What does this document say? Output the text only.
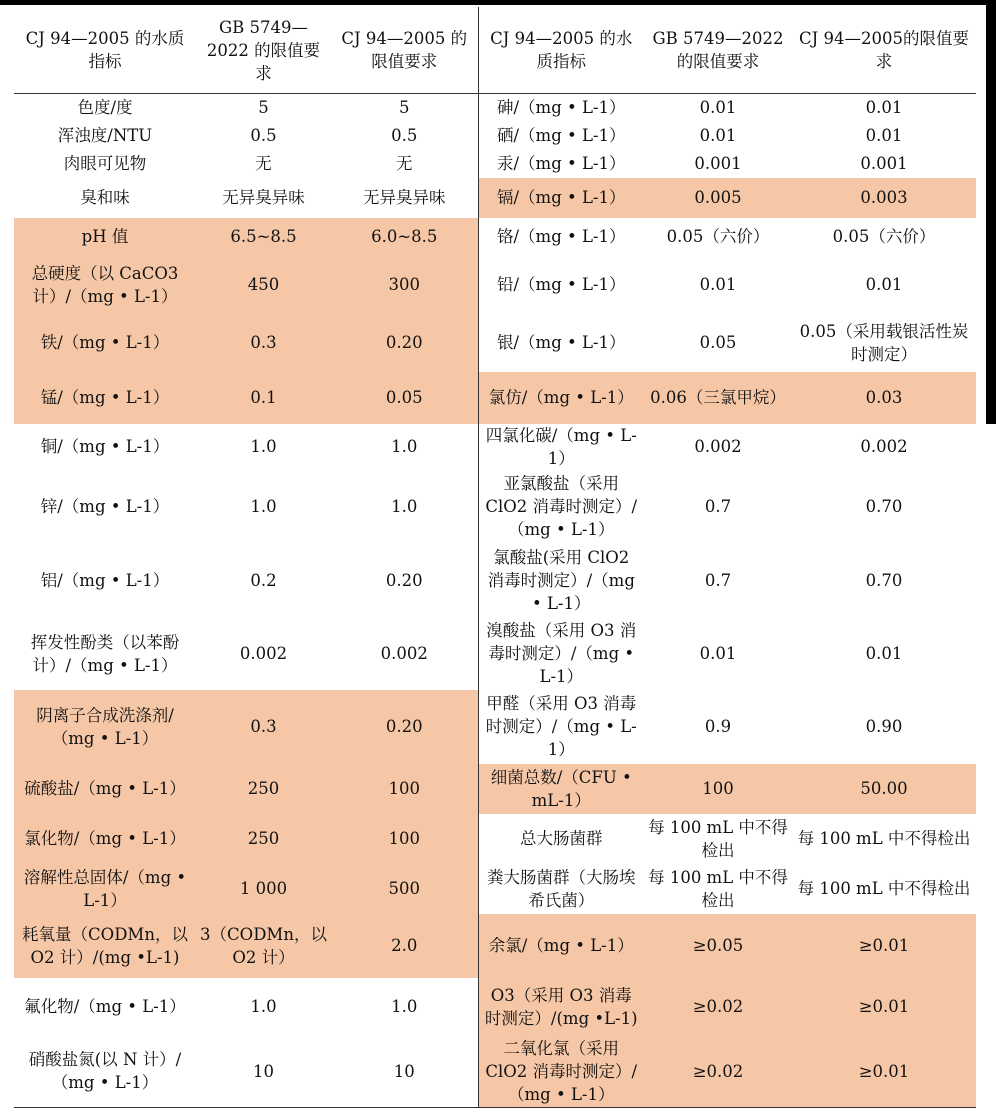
CJ 94—2005 的水质指标	GB 5749—2022 的限值要求	CJ 94—2005 的限值要求	CJ 94—2005 的水质指标	GB 5749—2022 的限值要求	CJ 94—2005的限值要求
色度/度	5	5	砷/（mg • L-1）	0.01	0.01
浑浊度/NTU	0.5	0.5	硒/（mg • L-1）	0.01	0.01
肉眼可见物	无	无	汞/（mg • L-1）	0.001	0.001
臭和味	无异臭异味	无异臭异味	镉/（mg • L-1）	0.005	0.003
pH 值	6.5~8.5	6.0~8.5	铬/（mg • L-1）	0.05（六价）	0.05（六价）
总硬度（以 CaCO3 计）/（mg • L-1）	450	300	铅/（mg • L-1）	0.01	0.01
铁/（mg • L-1）	0.3	0.20	银/（mg • L-1）	0.05	0.05（采用载银活性炭时测定）
锰/（mg • L-1）	0.1	0.05	氯仿/（mg • L-1）	0.06（三氯甲烷）	0.03
铜/（mg • L-1）	1.0	1.0	四氯化碳/（mg • L-1）	0.002	0.002
锌/（mg • L-1）	1.0	1.0	亚氯酸盐（采用 ClO2 消毒时测定）/（mg • L-1）	0.7	0.70
铝/（mg • L-1）	0.2	0.20	氯酸盐(采用 ClO2 消毒时测定）/（mg • L-1）	0.7	0.70
挥发性酚类（以苯酚计）/（mg • L-1）	0.002	0.002	溴酸盐（采用 O3 消毒时测定）/（mg • L-1）	0.01	0.01
阴离子合成洗涤剂/（mg • L-1）	0.3	0.20	甲醛（采用 O3 消毒时测定）/（mg • L-1）	0.9	0.90
硫酸盐/（mg • L-1）	250	100	细菌总数/（CFU • mL-1）	100	50.00
氯化物/（mg • L-1）	250	100	总大肠菌群	每 100 mL 中不得检出	每 100 mL 中不得检出
溶解性总固体/（mg • L-1）	1 000	500	粪大肠菌群（大肠埃希氏菌）	每 100 mL 中不得检出	每 100 mL 中不得检出
耗氧量（CODMn，以 O2 计）/(mg •L-1)	3（CODMn，以 O2 计）	2.0	余氯/（mg • L-1）	≥0.05	≥0.01
氟化物/（mg • L-1）	1.0	1.0	O3（采用 O3 消毒时测定）/(mg •L-1)	≥0.02	≥0.01
硝酸盐氮(以 N 计）/（mg • L-1）	10	10	二氧化氯（采用 ClO2 消毒时测定）/（mg • L-1）	≥0.02	≥0.01
